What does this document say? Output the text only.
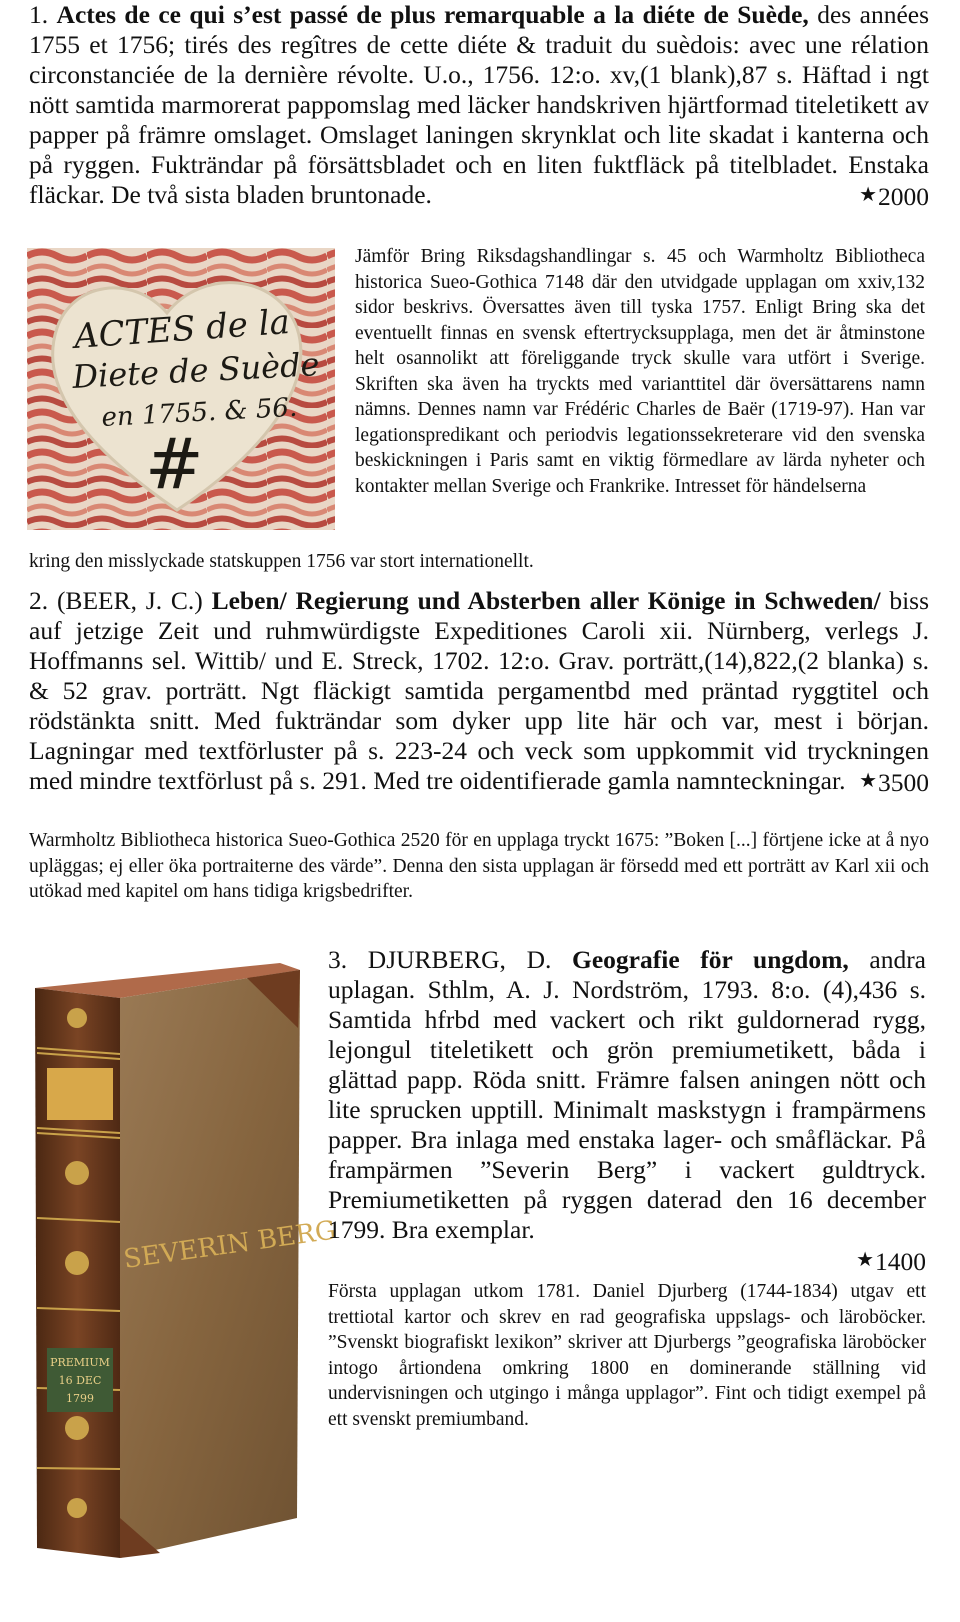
1. Actes de ce qui s’est passé de plus remarquable a la diéte de Suède, des années 1755 et 1756; tirés des regîtres de cette diéte & traduit du suèdois: avec une rélation circonstanciée de la dernière révolte. U.o., 1756. 12:o. xv,(1 blank),87 s. Häftad i ngt nött samtida marmorerat pappomslag med läcker handskriven hjärtformad titeletikett av papper på främre omslaget. Omslaget laningen skrynklat och lite skadat i kanterna och på ryggen. Fukträndar på försättsbladet och en liten fuktfläck på titelbladet. Enstaka fläckar. De två sista bladen bruntonade.	★2000
ACTES de la
Diete de Suède
en 1755. & 56.
#
Jämför Bring Riksdagshandlingar s. 45 och Warmholtz Bibliotheca historica Sueo-Gothica 7148 där den utvidgade upplagan om xxiv,132 sidor beskrivs. Översattes även till tyska 1757. Enligt Bring ska det eventuellt finnas en svensk eftertrycksupplaga, men det är åtminstone helt osannolikt att föreliggande tryck skulle vara utfört i Sverige. Skriften ska även ha tryckts med varianttitel där översättarens namn nämns. Dennes namn var Frédéric Charles de Baër (1719-97). Han var legationspredikant och periodvis legationssekreterare vid den svenska beskickningen i Paris samt en viktig förmedlare av lärda nyheter och kontakter mellan Sverige och Frankrike. Intresset för händelserna
kring den misslyckade statskuppen 1756 var stort internationellt.
2. (BEER, J. C.) Leben/ Regierung und Absterben aller Könige in Schweden/ biss auf jetzige Zeit und ruhmwürdigste Expeditiones Caroli xii. Nürnberg, verlegs J. Hoffmanns sel. Wittib/ und E. Streck, 1702. 12:o. Grav. porträtt,(14),822,(2 blanka) s. & 52 grav. porträtt. Ngt fläckigt samtida pergamentbd med präntad ryggtitel och rödstänkta snitt. Med fukträndar som dyker upp lite här och var, mest i början. Lagningar med textförluster på s. 223-24 och veck som uppkommit vid tryckningen med mindre textförlust på s. 291. Med tre oidentifierade gamla namnteckningar. ★3500
Warmholtz Bibliotheca historica Sueo-Gothica 2520 för en upplaga tryckt 1675: ”Boken [...] förtjene icke at å nyo upläggas; ej eller öka portraiterne des värde”. Denna den sista upplagan är försedd med ett porträtt av Karl xii och utökad med kapitel om hans tidiga krigsbedrifter.
PREMIUM
16 DEC
1799
SEVERIN BERG
3. DJURBERG, D. Geografie för ungdom, andra uplagan. Sthlm, A. J. Nordström, 1793. 8:o. (4),436 s. Samtida hfrbd med vackert och rikt guldornerad rygg, lejongul titeletikett och grön premiumetikett, båda i glättad papp. Röda snitt. Främre falsen aningen nött och lite sprucken upptill. Minimalt maskstygn i frampärmens papper. Bra inlaga med enstaka lager- och småfläckar. På frampärmen ”Severin Berg” i vackert guldtryck. Premiumetiketten på ryggen daterad den 16 december 1799. Bra exemplar.
★1400
Första upplagan utkom 1781. Daniel Djurberg (1744-1834) utgav ett trettiotal kartor och skrev en rad geografiska uppslags- och läroböcker. ”Svenskt biografiskt lexikon” skriver att Djurbergs ”geografiska läroböcker intogo årtiondena omkring 1800 en dominerande ställning vid undervisningen och utgingo i många upplagor”. Fint och tidigt exempel på ett svenskt premiumband.
